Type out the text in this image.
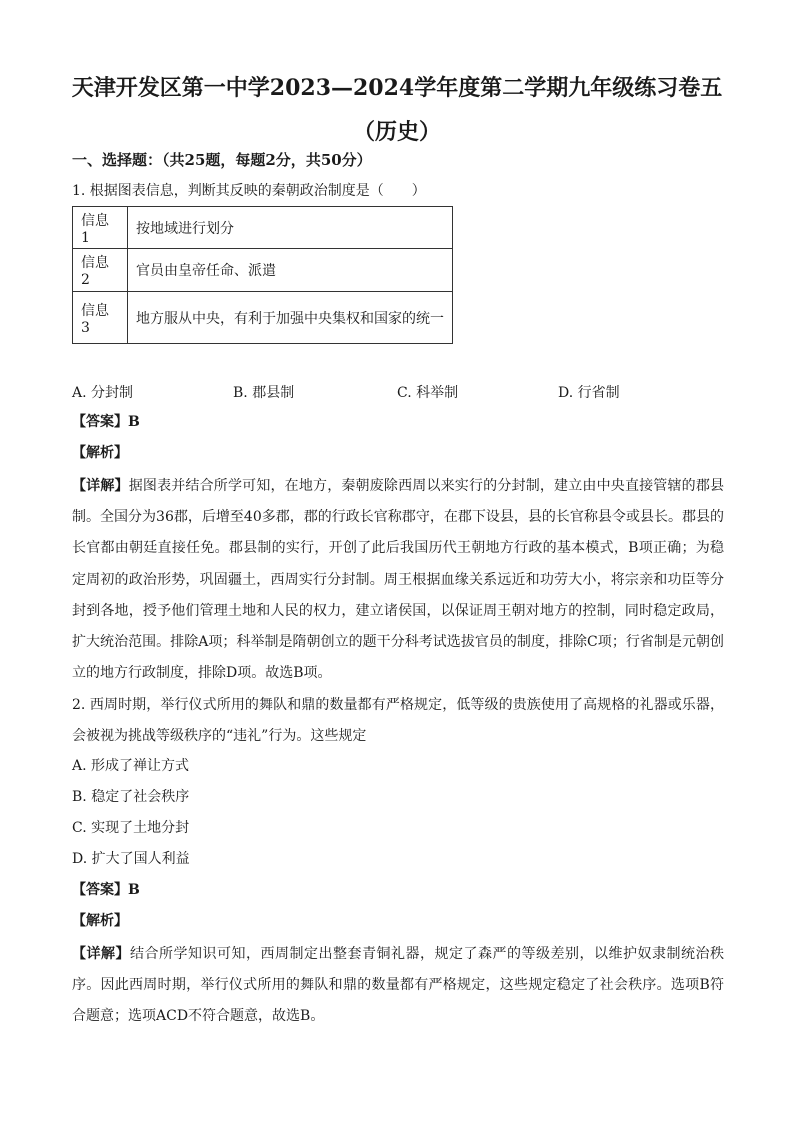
天津开发区第一中学2023—2024学年度第二学期九年级练习卷五（历史）
一、选择题：（共25题，每题2分，共50分）
1. 根据图表信息，判断其反映的秦朝政治制度是（　　）
信息 1	按地域进行划分
信息 2	官员由皇帝任命、派遣
信息 3	地方服从中央，有利于加强中央集权和国家的统一
A. 分封制	B. 郡县制	C. 科举制	D. 行省制
【答案】B
【解析】
【详解】据图表并结合所学可知，在地方，秦朝废除西周以来实行的分封制，建立由中央直接管辖的郡县制。全国分为36郡，后增至40多郡，郡的行政长官称郡守，在郡下设县，县的长官称县令或县长。郡县的长官都由朝廷直接任免。郡县制的实行，开创了此后我国历代王朝地方行政的基本模式，B项正确；为稳定周初的政治形势，巩固疆土，西周实行分封制。周王根据血缘关系远近和功劳大小，将宗亲和功臣等分封到各地，授予他们管理土地和人民的权力，建立诸侯国，以保证周王朝对地方的控制，同时稳定政局，扩大统治范围。排除A项；科举制是隋朝创立的题干分科考试选拔官员的制度，排除C项；行省制是元朝创立的地方行政制度，排除D项。故选B项。
2. 西周时期，举行仪式所用的舞队和鼎的数量都有严格规定，低等级的贵族使用了高规格的礼器或乐器，会被视为挑战等级秩序的“违礼”行为。这些规定
A. 形成了禅让方式
B. 稳定了社会秩序
C. 实现了土地分封
D. 扩大了国人利益
【答案】B
【解析】
【详解】结合所学知识可知，西周制定出整套青铜礼器，规定了森严的等级差别，以维护奴隶制统治秩序。因此西周时期，举行仪式所用的舞队和鼎的数量都有严格规定，这些规定稳定了社会秩序。选项B符合题意；选项ACD不符合题意，故选B。
